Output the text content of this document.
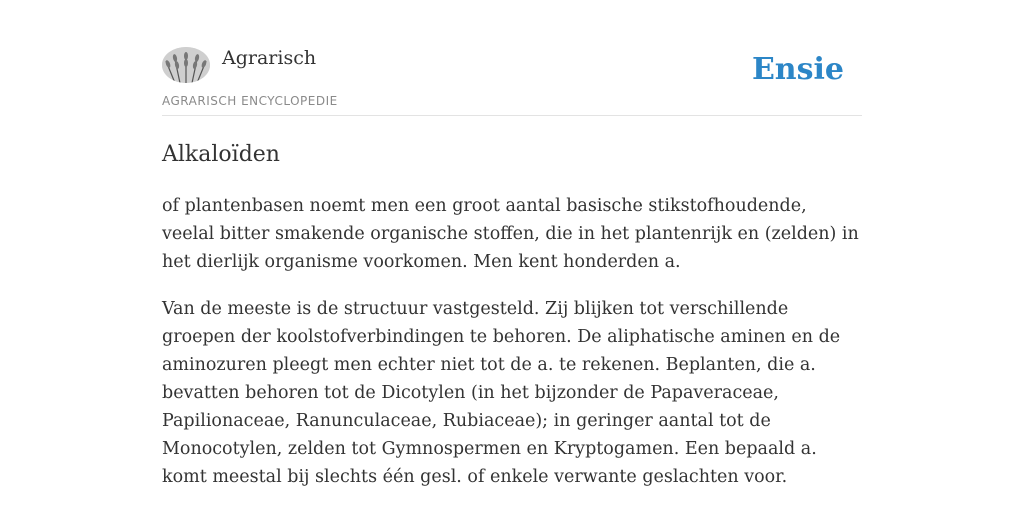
Agrarisch
AGRARISCH ENCYCLOPEDIE
Ensie
Alkaloïden

of plantenbasen noemt men een groot aantal basische stikstofhoudende, veelal bitter smakende organische stoffen, die in het plantenrijk en (zelden) in het dierlijk organisme voorkomen. Men kent honderden a.

Van de meeste is de structuur vastgesteld. Zij blijken tot verschillende groepen der koolstofverbindingen te behoren. De aliphatische aminen en de aminozuren pleegt men echter niet tot de a. te rekenen. Beplanten, die a. bevatten behoren tot de Dicotylen (in het bijzonder de Papaveraceae, Papilionaceae, Ranunculaceae, Rubiaceae); in geringer aantal tot de Monocotylen, zelden tot Gymnospermen en Kryptogamen. Een bepaald a. komt meestal bij slechts één gesl. of enkele verwante geslachten voor.
